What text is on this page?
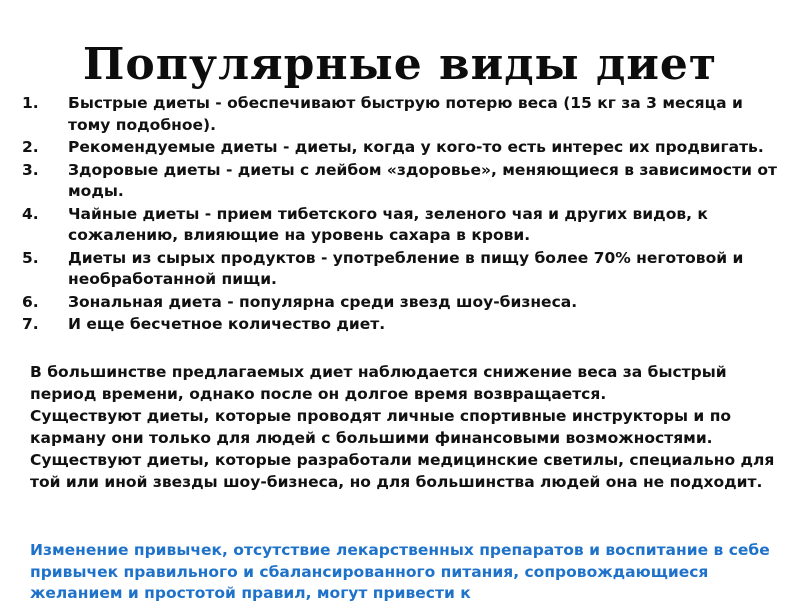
Популярные виды диет
1.	Быстрые диеты - обеспечивают быструю потерю веса (15 кг за 3 месяца и тому подобное).
2.	Рекомендуемые диеты - диеты, когда у кого-то есть интерес их продвигать.
3.	Здоровые диеты - диеты с лейбом «здоровье», меняющиеся в зависимости от моды.
4.	Чайные диеты - прием тибетского чая, зеленого чая и других видов, к сожалению, влияющие на уровень сахара в крови.
5.	Диеты из сырых продуктов - употребление в пищу более 70% неготовой и необработанной пищи.
6.	Зональная диета - популярна среди звезд шоу-бизнеса.
7.	И еще бесчетное количество диет.

В большинстве предлагаемых диет наблюдается снижение веса за быстрый период времени, однако после он долгое время возвращается.

Существуют диеты, которые проводят личные спортивные инструкторы и по карману они только для людей с большими финансовыми возможностями.

Существуют диеты, которые разработали медицинские светилы, специально для той или иной звезды шоу-бизнеса, но для большинства людей она не подходит.

Изменение привычек, отсутствие лекарственных препаратов и воспитание в себе привычек правильного и сбалансированного питания, сопровождающиеся желанием и простотой правил, могут привести к
